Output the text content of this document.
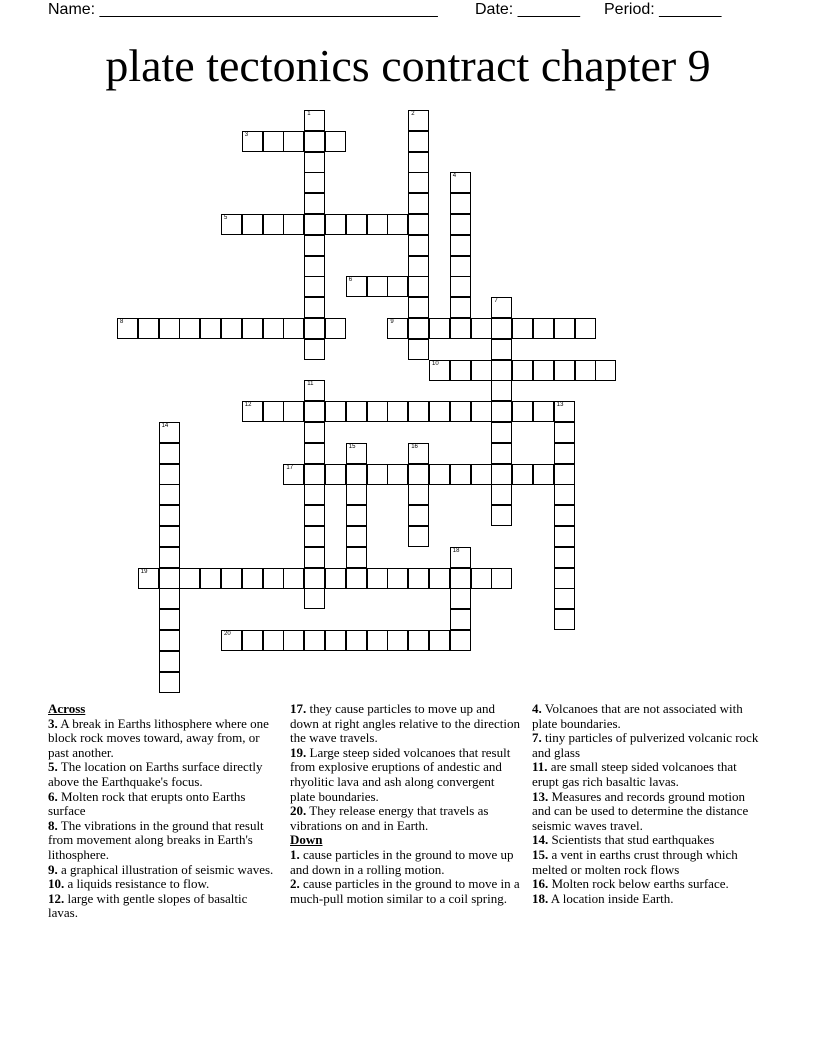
Name: ______________________________________ Date: _______ Period: _______
plate tectonics contract chapter 9
1	2
3
4
5
6
7
8	9
10
11
12	13
14
15	16
17
18
19
20

Across

3. A break in Earths lithosphere where one block rock moves toward, away from, or past another.

5. The location on Earths surface directly above the Earthquake's focus.

6. Molten rock that erupts onto Earths surface

8. The vibrations in the ground that result from movement along breaks in Earth's lithosphere.

9. a graphical illustration of seismic waves.

10. a liquids resistance to flow.

12. large with gentle slopes of basaltic lavas.

17. they cause particles to move up and down at right angles relative to the direction the wave travels.

19. Large steep sided volcanoes that result from explosive eruptions of andestic and rhyolitic lava and ash along convergent plate boundaries.

20. They release energy that travels as vibrations on and in Earth.

Down

1. cause particles in the ground to move up and down in a rolling motion.

2. cause particles in the ground to move in a much-pull motion similar to a coil spring.

4. Volcanoes that are not associated with plate boundaries.

7. tiny particles of pulverized volcanic rock and glass

11. are small steep sided volcanoes that erupt gas rich basaltic lavas.

13. Measures and records ground motion and can be used to determine the distance seismic waves travel.

14. Scientists that stud earthquakes

15. a vent in earths crust through which melted or molten rock flows

16. Molten rock below earths surface.

18. A location inside Earth.
